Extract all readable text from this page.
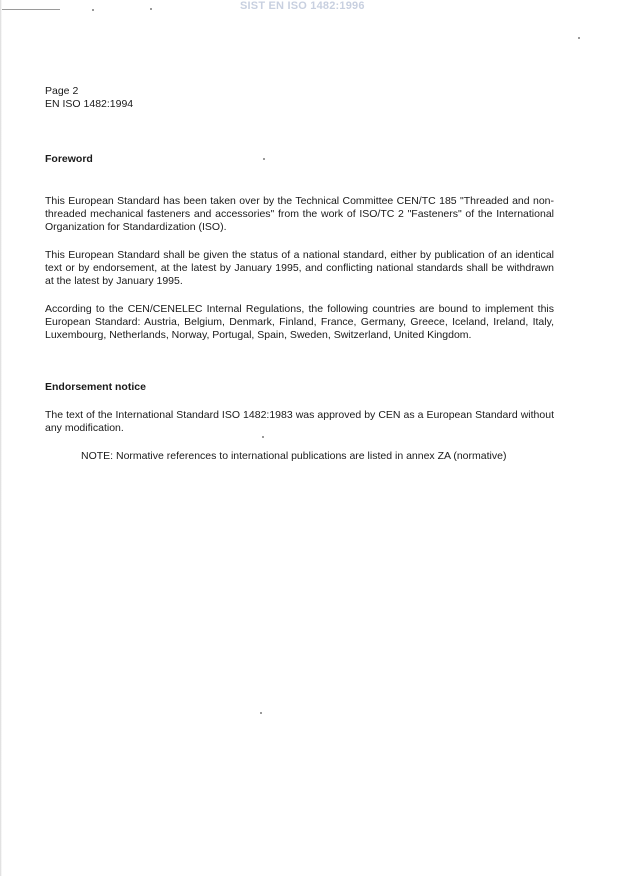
SIST EN ISO 1482:1996
Page 2
EN ISO 1482:1994
Foreword
This European Standard has been taken over by the Technical Committee CEN/TC 185 "Threaded and non-threaded mechanical fasteners and accessories" from the work of ISO/TC 2 "Fasteners" of the International Organization for Standardization (ISO).
This European Standard shall be given the status of a national standard, either by publication of an identical text or by endorsement, at the latest by January 1995, and conflicting national standards shall be withdrawn at the latest by January 1995.
According to the CEN/CENELEC Internal Regulations, the following countries are bound to implement this European Standard: Austria, Belgium, Denmark, Finland, France, Germany, Greece, Iceland, Ireland, Italy, Luxembourg, Netherlands, Norway, Portugal, Spain, Sweden, Switzerland, United Kingdom.
Endorsement notice
The text of the International Standard ISO 1482:1983 was approved by CEN as a European Standard without any modification.
NOTE: Normative references to international publications are listed in annex ZA (normative)
